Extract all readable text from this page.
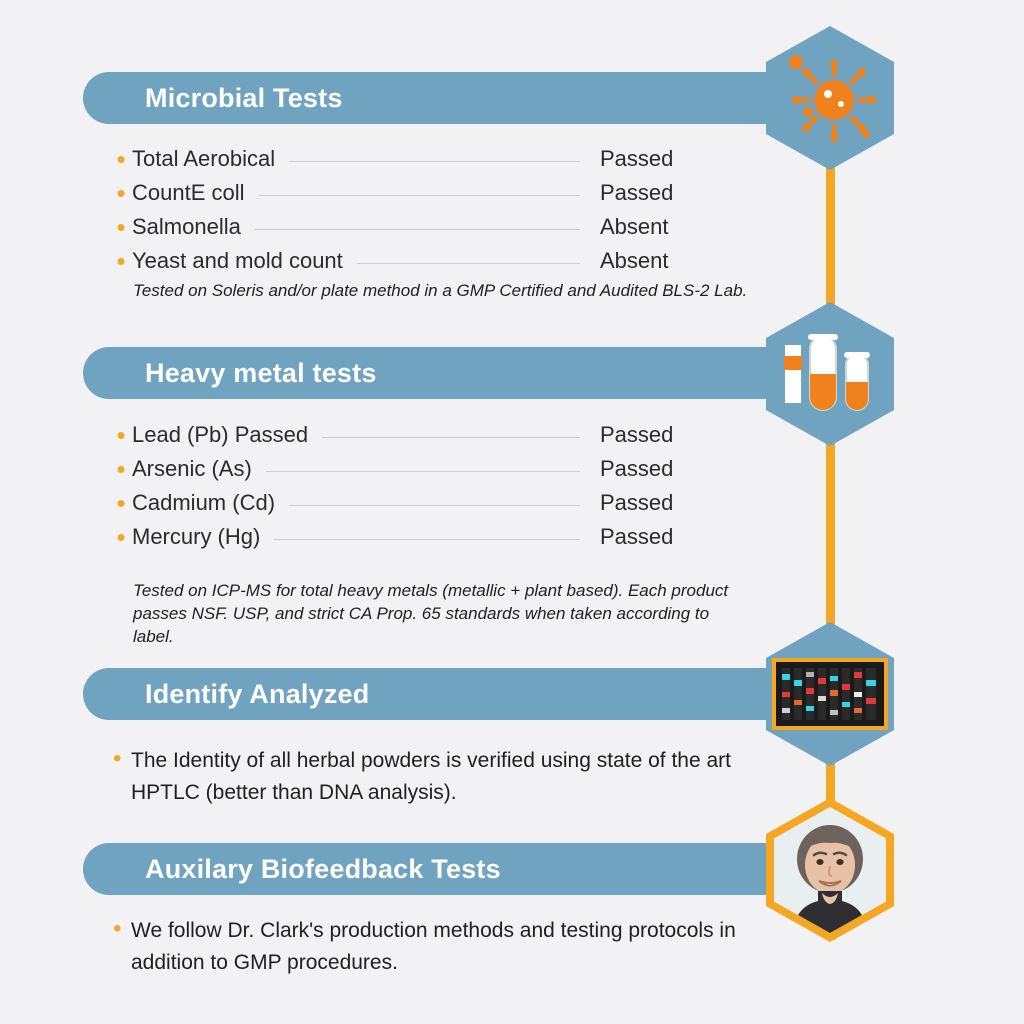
Microbial Tests
• Total Aerobical	Passed
• CountE coll	Passed
• Salmonella	Absent
• Yeast and mold count	Absent
Tested on Soleris and/or plate method in a GMP Certified and Audited BLS-2 Lab.
Heavy metal tests
• Lead (Pb) Passed	Passed
• Arsenic (As)	Passed
• Cadmium (Cd)	Passed
• Mercury (Hg)	Passed
Tested on ICP-MS for total heavy metals (metallic + plant based). Each product passes NSF. USP, and strict CA Prop. 65 standards when taken according to label.
Identify Analyzed
• The Identity of all herbal powders is verified using state of the art HPTLC (better than DNA analysis).
Auxilary Biofeedback Tests
• We follow Dr. Clark's production methods and testing protocols in addition to GMP procedures.
